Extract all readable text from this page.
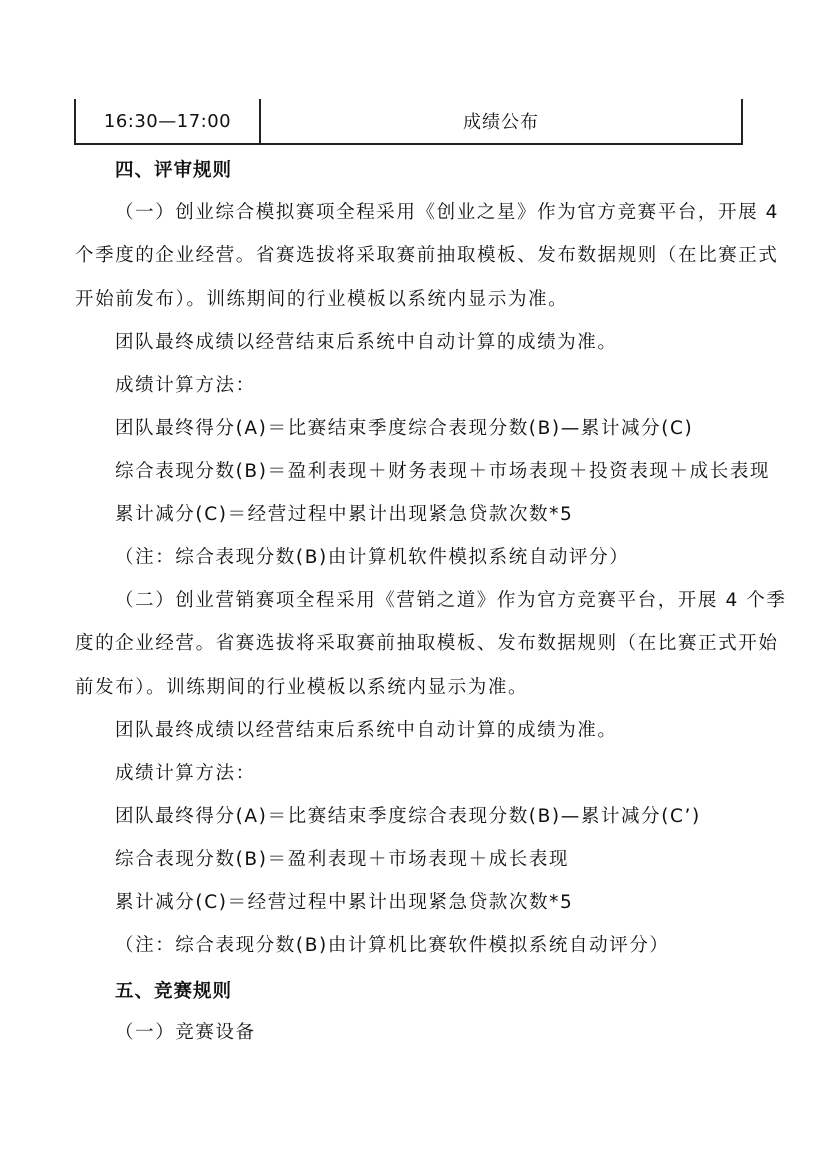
16:30—17:00	成绩公布
四、评审规则
（一）创业综合模拟赛项全程采用《创业之星》作为官方竞赛平台，开展 4
个季度的企业经营。省赛选拔将采取赛前抽取模板、发布数据规则（在比赛正式
开始前发布）。训练期间的行业模板以系统内显示为准。
团队最终成绩以经营结束后系统中自动计算的成绩为准。
成绩计算方法：
团队最终得分(A)＝比赛结束季度综合表现分数(B)—累计减分(C)
综合表现分数(B)＝盈利表现＋财务表现＋市场表现＋投资表现＋成长表现
累计减分(C)＝经营过程中累计出现紧急贷款次数*5
（注：综合表现分数(B)由计算机软件模拟系统自动评分）
（二）创业营销赛项全程采用《营销之道》作为官方竞赛平台，开展 4 个季
度的企业经营。省赛选拔将采取赛前抽取模板、发布数据规则（在比赛正式开始
前发布）。训练期间的行业模板以系统内显示为准。
团队最终成绩以经营结束后系统中自动计算的成绩为准。
成绩计算方法：
团队最终得分(A)＝比赛结束季度综合表现分数(B)—累计减分(C’)
综合表现分数(B)＝盈利表现＋市场表现＋成长表现
累计减分(C)＝经营过程中累计出现紧急贷款次数*5
（注：综合表现分数(B)由计算机比赛软件模拟系统自动评分）
五、竞赛规则
（一）竞赛设备
